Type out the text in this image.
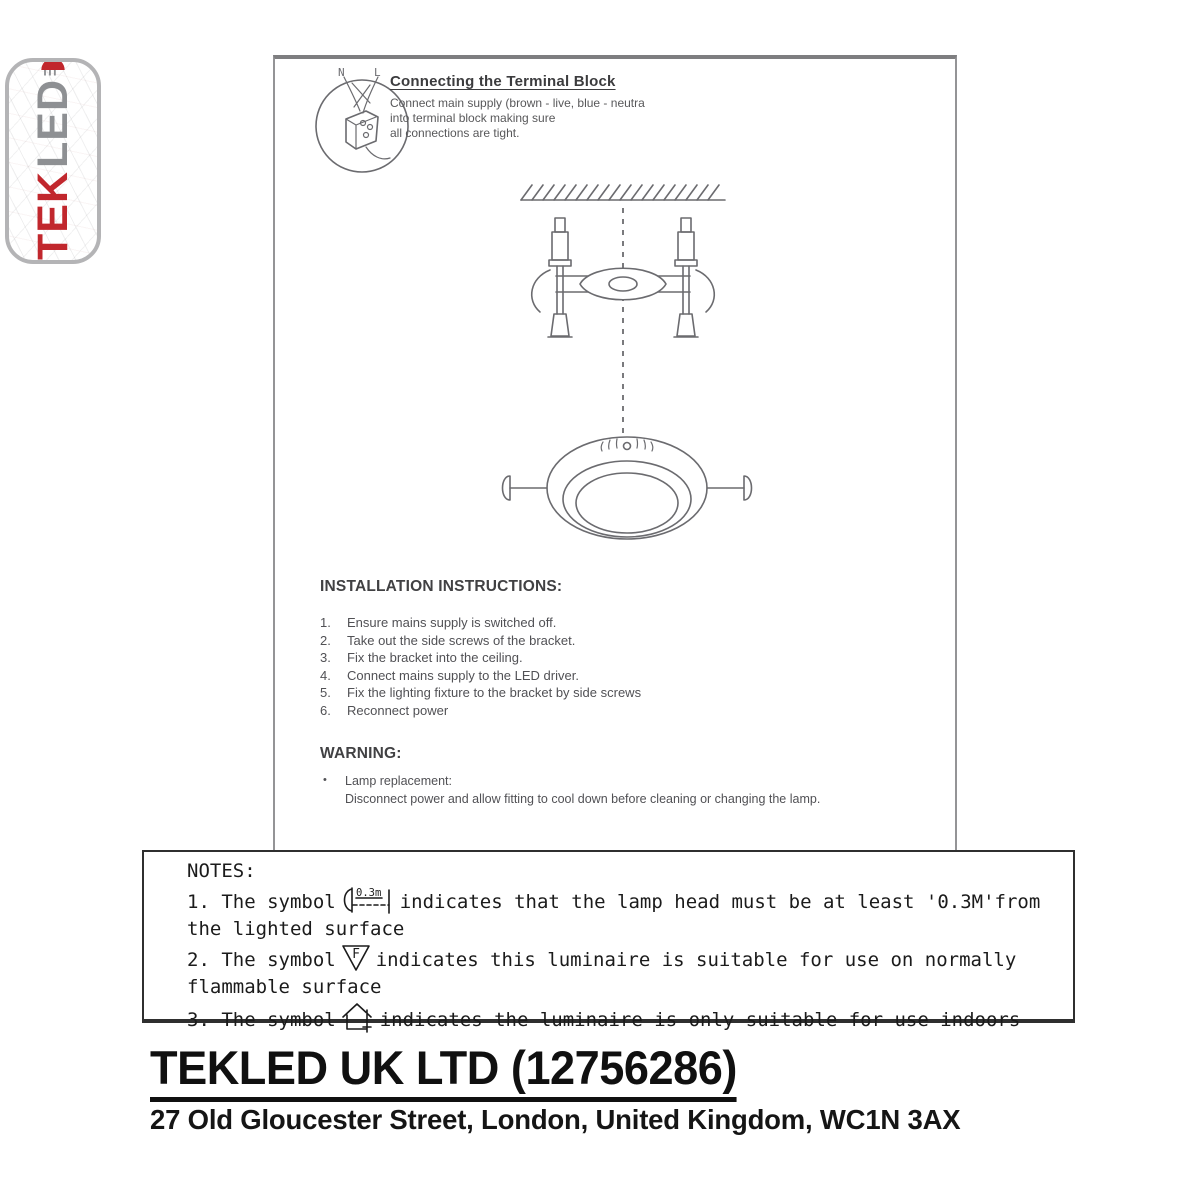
TEK
LED
N	L
Connecting the Terminal Block
Connect main supply (brown - live, blue - neutra
into terminal block making sure
all connections are tight.
INSTALLATION INSTRUCTIONS:
1.	Ensure mains supply is switched off.
2.	Take out the side screws of the bracket.
3.	Fix the bracket into the ceiling.
4.	Connect mains supply to the LED driver.
5.	Fix the lighting fixture to the bracket by side screws
6.	Reconnect power
WARNING:
• Lamp replacement:
Disconnect power and allow fitting to cool down before cleaning or changing the lamp.
NOTES:
1. The symbol 0.3m indicates that the lamp head must be at least '0.3M'from
the lighted surface
2. The symbol F indicates this luminaire is suitable for use on normally
flammable surface
3. The symbol indicates the luminaire is only suitable for use indoors
TEKLED UK LTD (12756286)
27 Old Gloucester Street, London, United Kingdom, WC1N 3AX
